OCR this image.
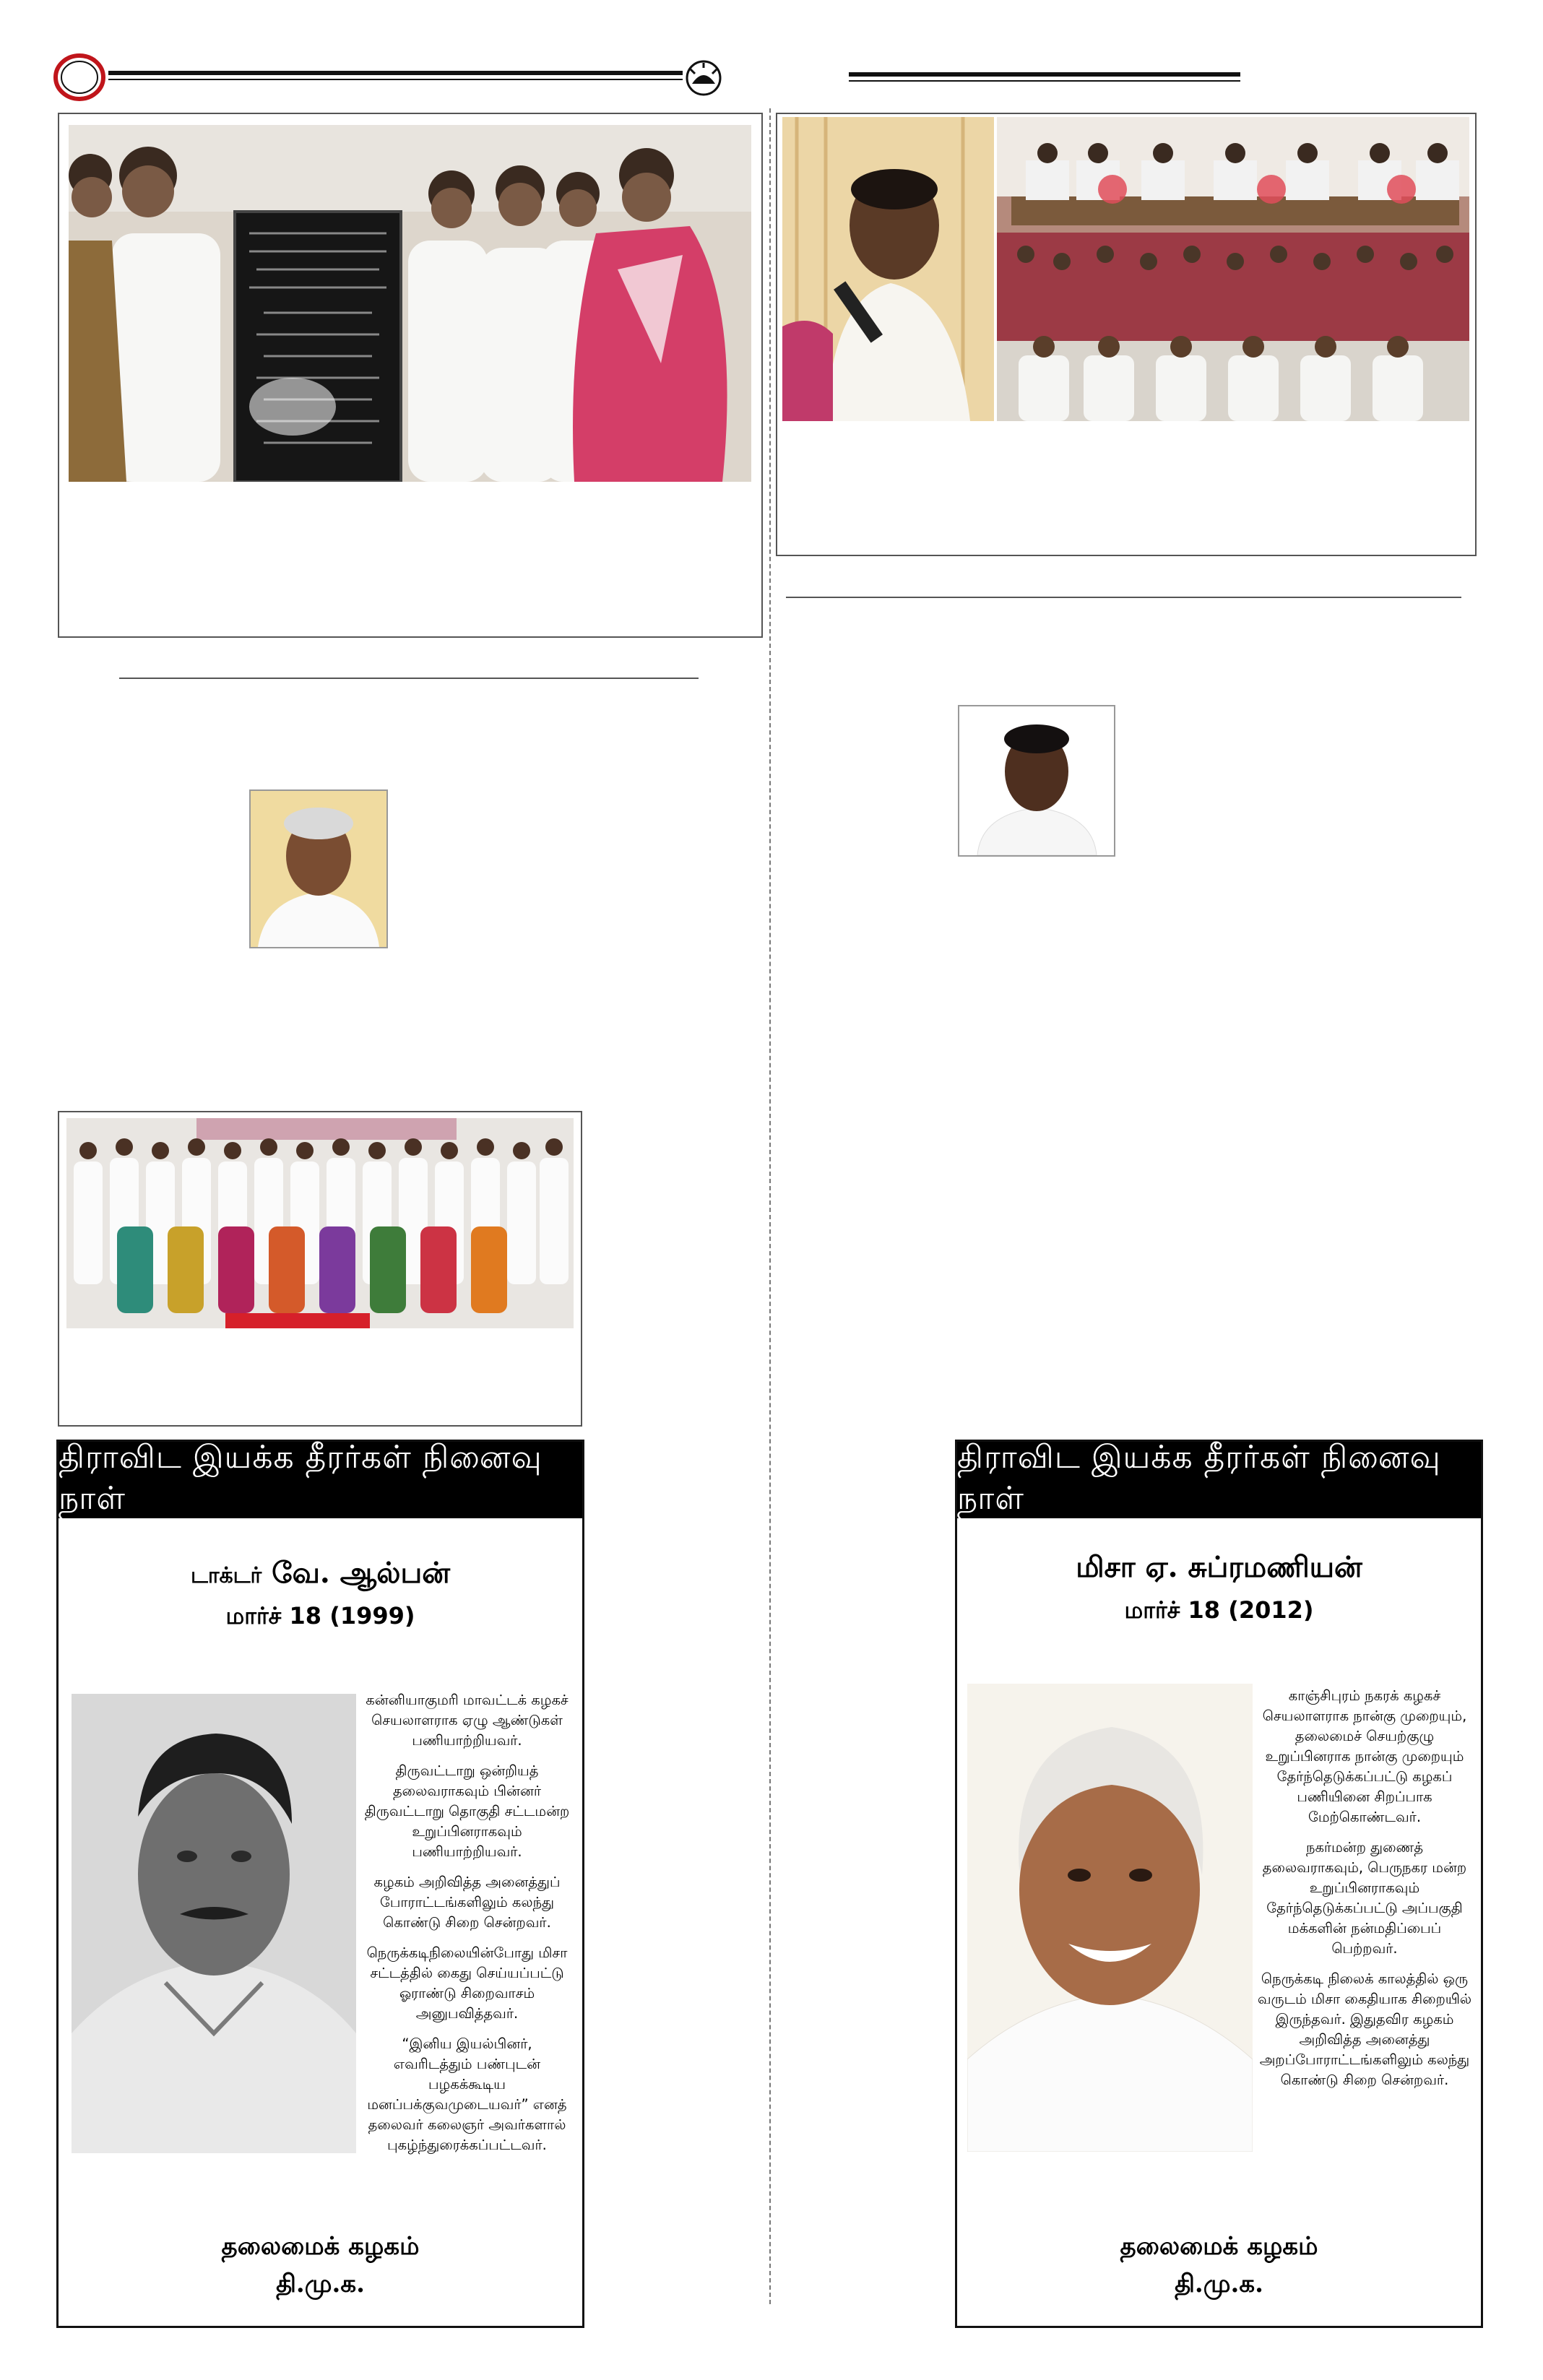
திராவிட இயக்க தீரர்கள் நினைவு நாள்
டாக்டர் வே. ஆல்பன்
மார்ச் 18 (1999)

கன்னியாகுமரி மாவட்டக் கழகச் செயலாளராக ஏழு ஆண்டுகள் பணியாற்றியவர்.

திருவட்டாறு ஒன்றியத் தலைவராகவும் பின்னர் திருவட்டாறு தொகுதி சட்டமன்ற உறுப்பினராகவும் பணியாற்றியவர்.

கழகம் அறிவித்த அனைத்துப் போராட்டங்களிலும் கலந்து கொண்டு சிறை சென்றவர்.

நெருக்கடிநிலையின்போது மிசா சட்டத்தில் கைது செய்யப்பட்டு ஓராண்டு சிறைவாசம் அனுபவித்தவர்.

“இனிய இயல்பினர், எவரிடத்தும் பண்புடன் பழகக்கூடிய மனப்பக்குவமுடையவர்” எனத் தலைவர் கலைஞர் அவர்களால் புகழ்ந்துரைக்கப்பட்டவர்.

தலைமைக் கழகம்
தி.மு.க.
திராவிட இயக்க தீரர்கள் நினைவு நாள்
மிசா ஏ. சுப்ரமணியன்
மார்ச் 18 (2012)

காஞ்சிபுரம் நகரக் கழகச் செயலாளராக நான்கு முறையும், தலைமைச் செயற்குழு உறுப்பினராக நான்கு முறையும் தேர்ந்தெடுக்கப்பட்டு கழகப் பணியினை சிறப்பாக மேற்கொண்டவர்.

நகர்மன்ற துணைத் தலைவராகவும், பெருநகர மன்ற உறுப்பினராகவும் தேர்ந்தெடுக்கப்பட்டு அப்பகுதி மக்களின் நன்மதிப்பைப் பெற்றவர்.

நெருக்கடி நிலைக் காலத்தில் ஒரு வருடம் மிசா கைதியாக சிறையில் இருந்தவர். இதுதவிர கழகம் அறிவித்த அனைத்து அறப்போராட்டங்களிலும் கலந்து கொண்டு சிறை சென்றவர்.

தலைமைக் கழகம்
தி.மு.க.
